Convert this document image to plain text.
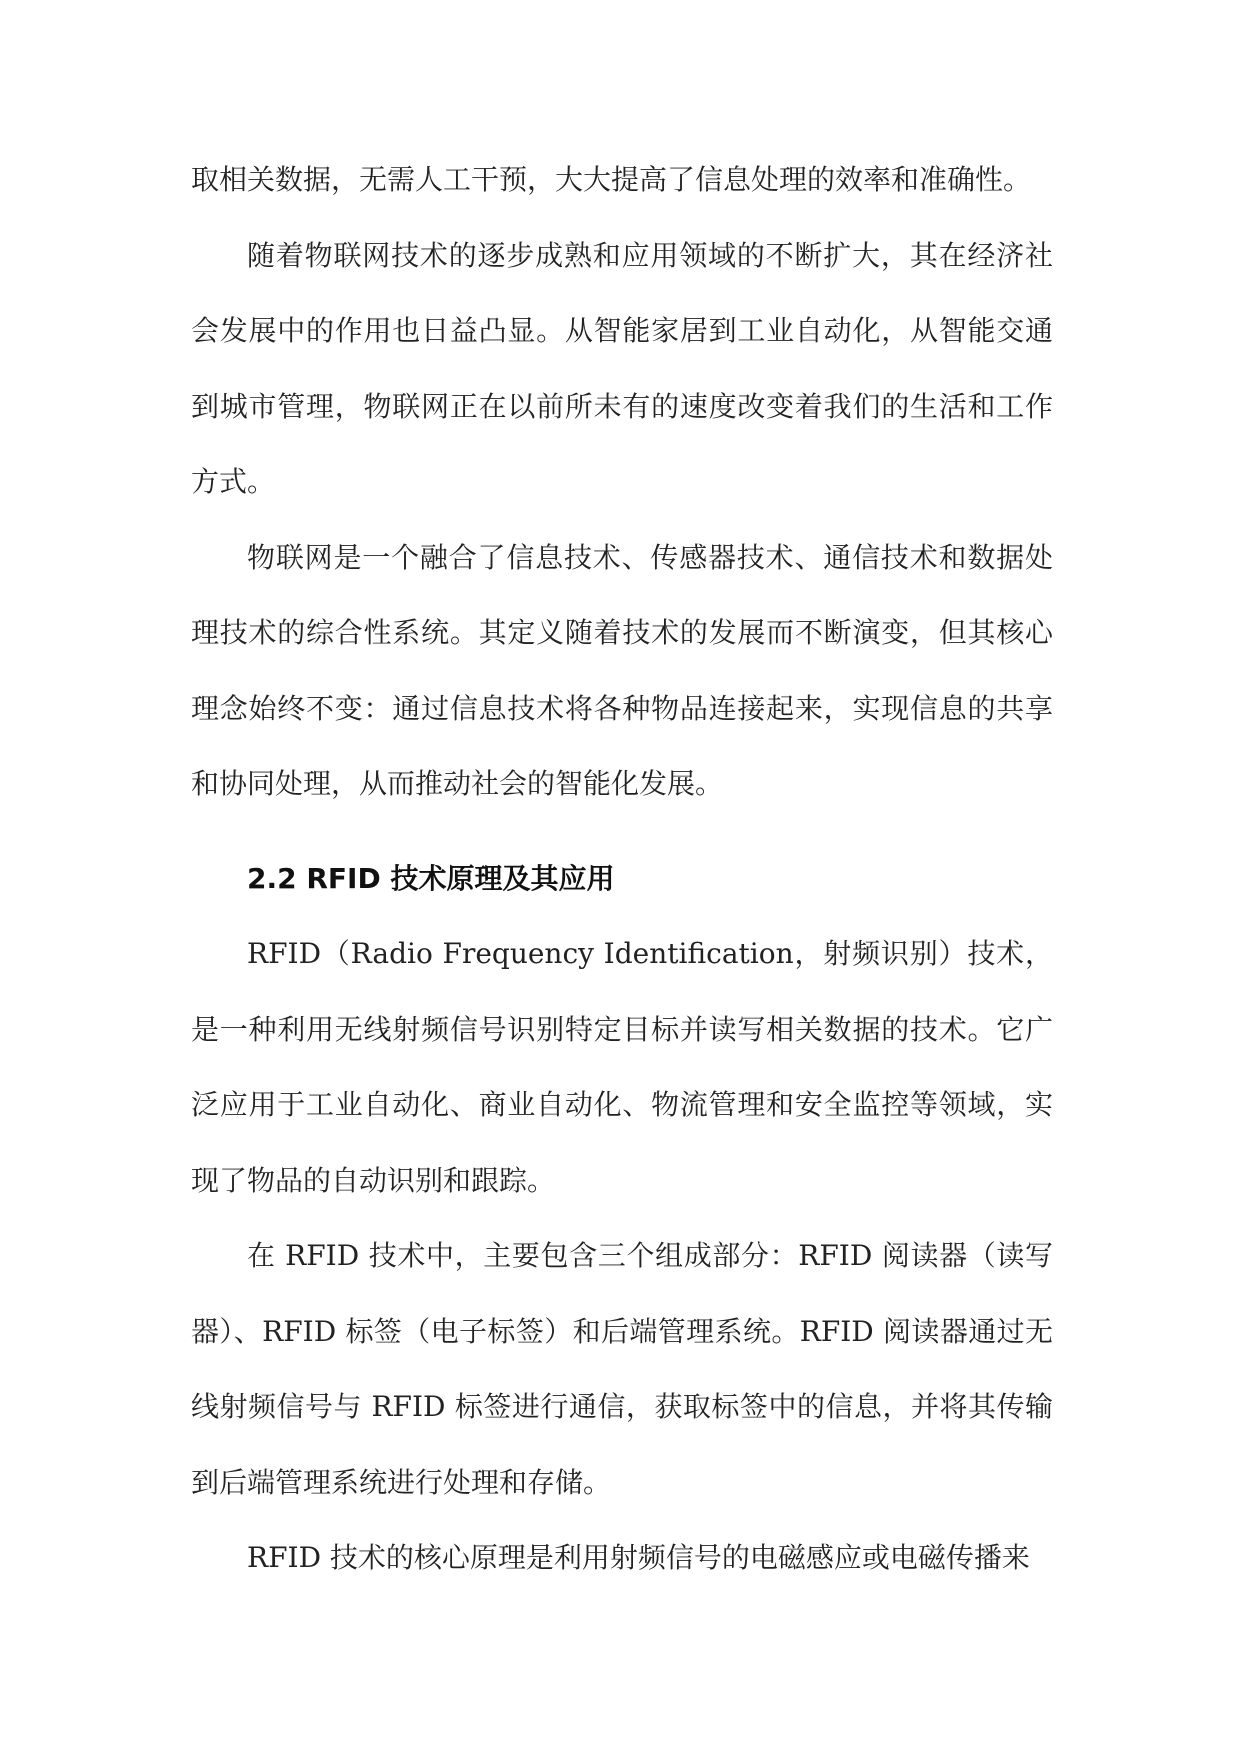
取相关数据，无需人工干预，大大提高了信息处理的效率和准确性。

随着物联网技术的逐步成熟和应用领域的不断扩大，其在经济社会发展中的作用也日益凸显。从智能家居到工业自动化，从智能交通到城市管理，物联网正在以前所未有的速度改变着我们的生活和工作方式。

物联网是一个融合了信息技术、传感器技术、通信技术和数据处理技术的综合性系统。其定义随着技术的发展而不断演变，但其核心理念始终不变：通过信息技术将各种物品连接起来，实现信息的共享和协同处理，从而推动社会的智能化发展。

2.2 RFID 技术原理及其应用

RFID（Radio Frequency Identification，射频识别）技术，是一种利用无线射频信号识别特定目标并读写相关数据的技术。它广泛应用于工业自动化、商业自动化、物流管理和安全监控等领域，实现了物品的自动识别和跟踪。

在 RFID 技术中，主要包含三个组成部分：RFID 阅读器（读写器）、RFID 标签（电子标签）和后端管理系统。RFID 阅读器通过无线射频信号与 RFID 标签进行通信，获取标签中的信息，并将其传输到后端管理系统进行处理和存储。

RFID 技术的核心原理是利用射频信号的电磁感应或电磁传播来
